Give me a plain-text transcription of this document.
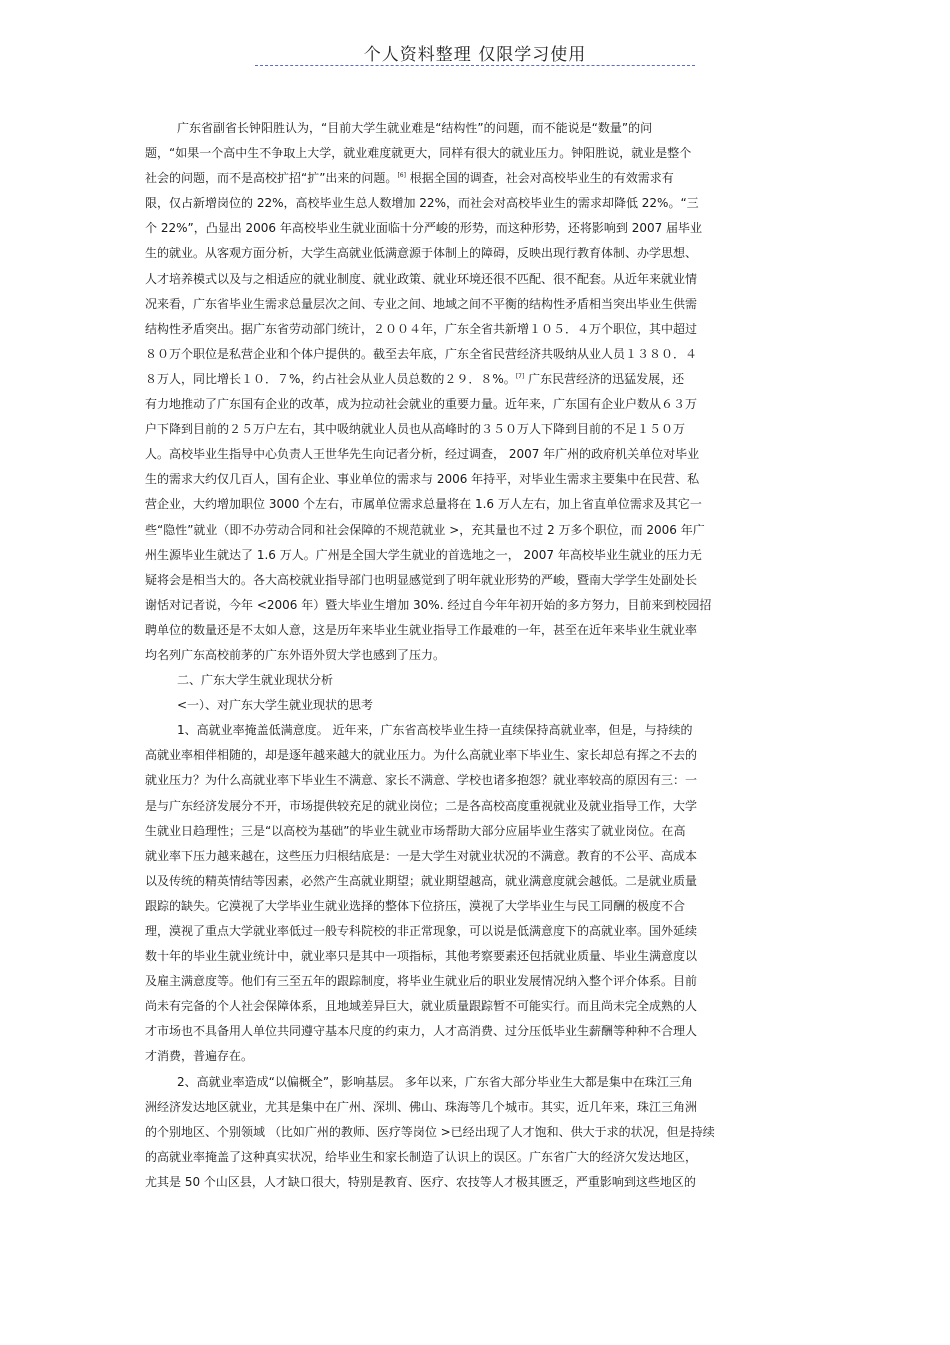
个人资料整理 仅限学习使用
广东省副省长钟阳胜认为，“目前大学生就业难是“结构性”的问题，而不能说是“数量”的问
题，“如果一个高中生不争取上大学，就业难度就更大，同样有很大的就业压力。钟阳胜说，就业是整个
社会的问题，而不是高校扩招“扩”出来的问题。[6] 根据全国的调查，社会对高校毕业生的有效需求有
限，仅占新增岗位的 22%，高校毕业生总人数增加 22%，而社会对高校毕业生的需求却降低 22%。“三
个 22%”，凸显出 2006 年高校毕业生就业面临十分严峻的形势，而这种形势，还将影响到 2007 届毕业
生的就业。从客观方面分析，大学生高就业低满意源于体制上的障碍，反映出现行教育体制、办学思想、
人才培养模式以及与之相适应的就业制度、就业政策、就业环境还很不匹配、很不配套。从近年来就业情
况来看，广东省毕业生需求总量层次之间、专业之间、地域之间不平衡的结构性矛盾相当突出毕业生供需
结构性矛盾突出。据广东省劳动部门统计，２００４年，广东全省共新增１０５．４万个职位，其中超过
８０万个职位是私营企业和个体户提供的。截至去年底，广东全省民营经济共吸纳从业人员１３８０．４
８万人，同比增长１０．７%，约占社会从业人员总数的２９．８%。[7] 广东民营经济的迅猛发展，还
有力地推动了广东国有企业的改革，成为拉动社会就业的重要力量。近年来，广东国有企业户数从６３万
户下降到目前的２５万户左右，其中吸纳就业人员也从高峰时的３５０万人下降到目前的不足１５０万
人。高校毕业生指导中心负责人王世华先生向记者分析，经过调查， 2007 年广州的政府机关单位对毕业
生的需求大约仅几百人，国有企业、事业单位的需求与 2006 年持平，对毕业生需求主要集中在民营、私
营企业，大约增加职位 3000 个左右，市属单位需求总量将在 1.6 万人左右，加上省直单位需求及其它一
些“隐性”就业（即不办劳动合同和社会保障的不规范就业 >，充其量也不过 2 万多个职位，而 2006 年广
州生源毕业生就达了 1.6 万人。广州是全国大学生就业的首选地之一， 2007 年高校毕业生就业的压力无
疑将会是相当大的。各大高校就业指导部门也明显感觉到了明年就业形势的严峻，暨南大学学生处副处长
谢恬对记者说，今年 <2006 年）暨大毕业生增加 30%. 经过自今年年初开始的多方努力，目前来到校园招
聘单位的数量还是不太如人意，这是历年来毕业生就业指导工作最难的一年，甚至在近年来毕业生就业率
均名列广东高校前茅的广东外语外贸大学也感到了压力。
二、广东大学生就业现状分析
<一）、对广东大学生就业现状的思考
1、高就业率掩盖低满意度。 近年来，广东省高校毕业生持一直续保持高就业率，但是，与持续的
高就业率相伴相随的，却是逐年越来越大的就业压力。为什么高就业率下毕业生、家长却总有挥之不去的
就业压力？为什么高就业率下毕业生不满意、家长不满意、学校也诸多抱怨？就业率较高的原因有三：一
是与广东经济发展分不开，市场提供较充足的就业岗位；二是各高校高度重视就业及就业指导工作，大学
生就业日趋理性；三是“以高校为基础”的毕业生就业市场帮助大部分应届毕业生落实了就业岗位。在高
就业率下压力越来越在，这些压力归根结底是：一是大学生对就业状况的不满意。教育的不公平、高成本
以及传统的精英情结等因素，必然产生高就业期望；就业期望越高，就业满意度就会越低。二是就业质量
跟踪的缺失。它漠视了大学毕业生就业选择的整体下位挤压，漠视了大学毕业生与民工同酬的极度不合
理，漠视了重点大学就业率低过一般专科院校的非正常现象，可以说是低满意度下的高就业率。国外延续
数十年的毕业生就业统计中，就业率只是其中一项指标，其他考察要素还包括就业质量、毕业生满意度以
及雇主满意度等。他们有三至五年的跟踪制度，将毕业生就业后的职业发展情况纳入整个评介体系。目前
尚未有完备的个人社会保障体系，且地域差异巨大，就业质量跟踪暂不可能实行。而且尚未完全成熟的人
才市场也不具备用人单位共同遵守基本尺度的约束力，人才高消费、过分压低毕业生薪酬等种种不合理人
才消费，普遍存在。
2、高就业率造成“以偏概全”，影响基层。 多年以来，广东省大部分毕业生大都是集中在珠江三角
洲经济发达地区就业，尤其是集中在广州、深圳、佛山、珠海等几个城市。其实，近几年来，珠江三角洲
的个别地区、个别领域 （比如广州的教师、医疗等岗位 >已经出现了人才饱和、供大于求的状况，但是持续
的高就业率掩盖了这种真实状况，给毕业生和家长制造了认识上的误区。广东省广大的经济欠发达地区，
尤其是 50 个山区县，人才缺口很大，特别是教育、医疗、农技等人才极其匮乏，严重影响到这些地区的
